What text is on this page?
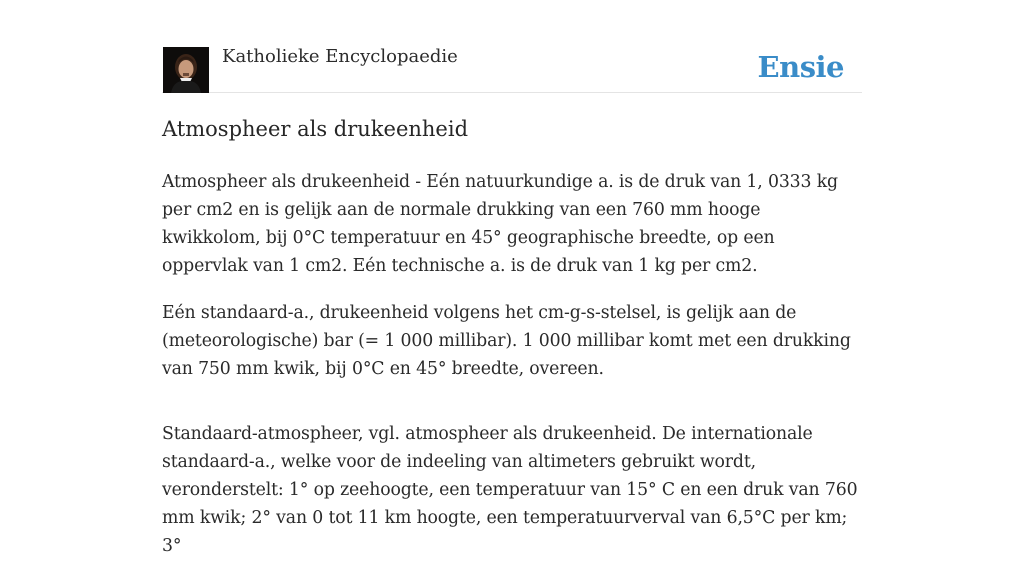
Katholieke Encyclopaedie	Ensie
Atmospheer als drukeenheid

Atmospheer als drukeenheid - Eén natuurkundige a. is de druk van 1, 0333 kg per cm2 en is gelijk aan de normale drukking van een 760 mm hooge kwikkolom, bij 0°C temperatuur en 45° geographische breedte, op een oppervlak van 1 cm2. Eén technische a. is de druk van 1 kg per cm2.

Eén standaard-a., drukeenheid volgens het cm-g-s-stelsel, is gelijk aan de (meteorologische) bar (= 1 000 millibar). 1 000 millibar komt met een drukking van 750 mm kwik, bij 0°C en 45° breedte, overeen.

Standaard-atmospheer, vgl. atmospheer als drukeenheid. De internationale standaard-a., welke voor de indeeling van altimeters gebruikt wordt, veronderstelt: 1° op zeehoogte, een temperatuur van 15° C en een druk van 760 mm kwik; 2° van 0 tot 11 km hoogte, een temperatuurverval van 6,5°C per km; 3°
